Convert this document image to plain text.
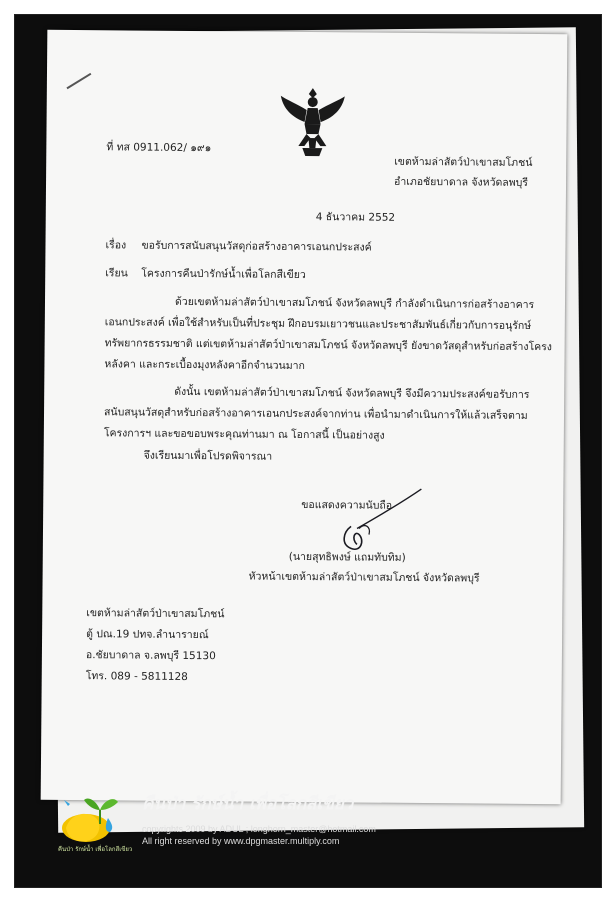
ที่ ทส 0911.062/ ๑๙๑
เขตห้ามล่าสัตว์ป่าเขาสมโภชน์
อำเภอชัยบาดาล จังหวัดลพบุรี
4 ธันวาคม 2552
เรื่อง ขอรับการสนับสนุนวัสดุก่อสร้างอาคารเอนกประสงค์
เรียน โครงการคืนป่ารักษ์น้ำเพื่อโลกสีเขียว
ด้วยเขตห้ามล่าสัตว์ป่าเขาสมโภชน์ จังหวัดลพบุรี กำลังดำเนินการก่อสร้างอาคาร
เอนกประสงค์ เพื่อใช้สำหรับเป็นที่ประชุม ฝึกอบรมเยาวชนและประชาสัมพันธ์เกี่ยวกับการอนุรักษ์
ทรัพยากรธรรมชาติ แต่เขตห้ามล่าสัตว์ป่าเขาสมโภชน์ จังหวัดลพบุรี ยังขาดวัสดุสำหรับก่อสร้างโครง
หลังคา และกระเบื้องมุงหลังคาอีกจำนวนมาก
ดังนั้น เขตห้ามล่าสัตว์ป่าเขาสมโภชน์ จังหวัดลพบุรี จึงมีความประสงค์ขอรับการ
สนับสนุนวัสดุสำหรับก่อสร้างอาคารเอนกประสงค์จากท่าน เพื่อนำมาดำเนินการให้แล้วเสร็จตาม
โครงการฯ และขอขอบพระคุณท่านมา ณ โอกาสนี้ เป็นอย่างสูง
จึงเรียนมาเพื่อโปรดพิจารณา
ขอแสดงความนับถือ
(นายสุทธิพงษ์ แถมทับทิม)
หัวหน้าเขตห้ามล่าสัตว์ป่าเขาสมโภชน์ จังหวัดลพบุรี
เขตห้ามล่าสัตว์ป่าเขาสมโภชน์
ตู้ ปณ.19 ปทจ.ลำนารายณ์
อ.ชัยบาดาล จ.ลพบุรี 15130
โทร. 089 - 5811128
คืนป่า รักษ์น้ำ เพื่อโลกสีเขียว
คืนป่า รักษ์น้ำ เพื่อโลกสีเขียว
copyrights 2009 by ADUL ; longhorn_master@hotmail.com
All right reserved by www.dpgmaster.multiply.com
